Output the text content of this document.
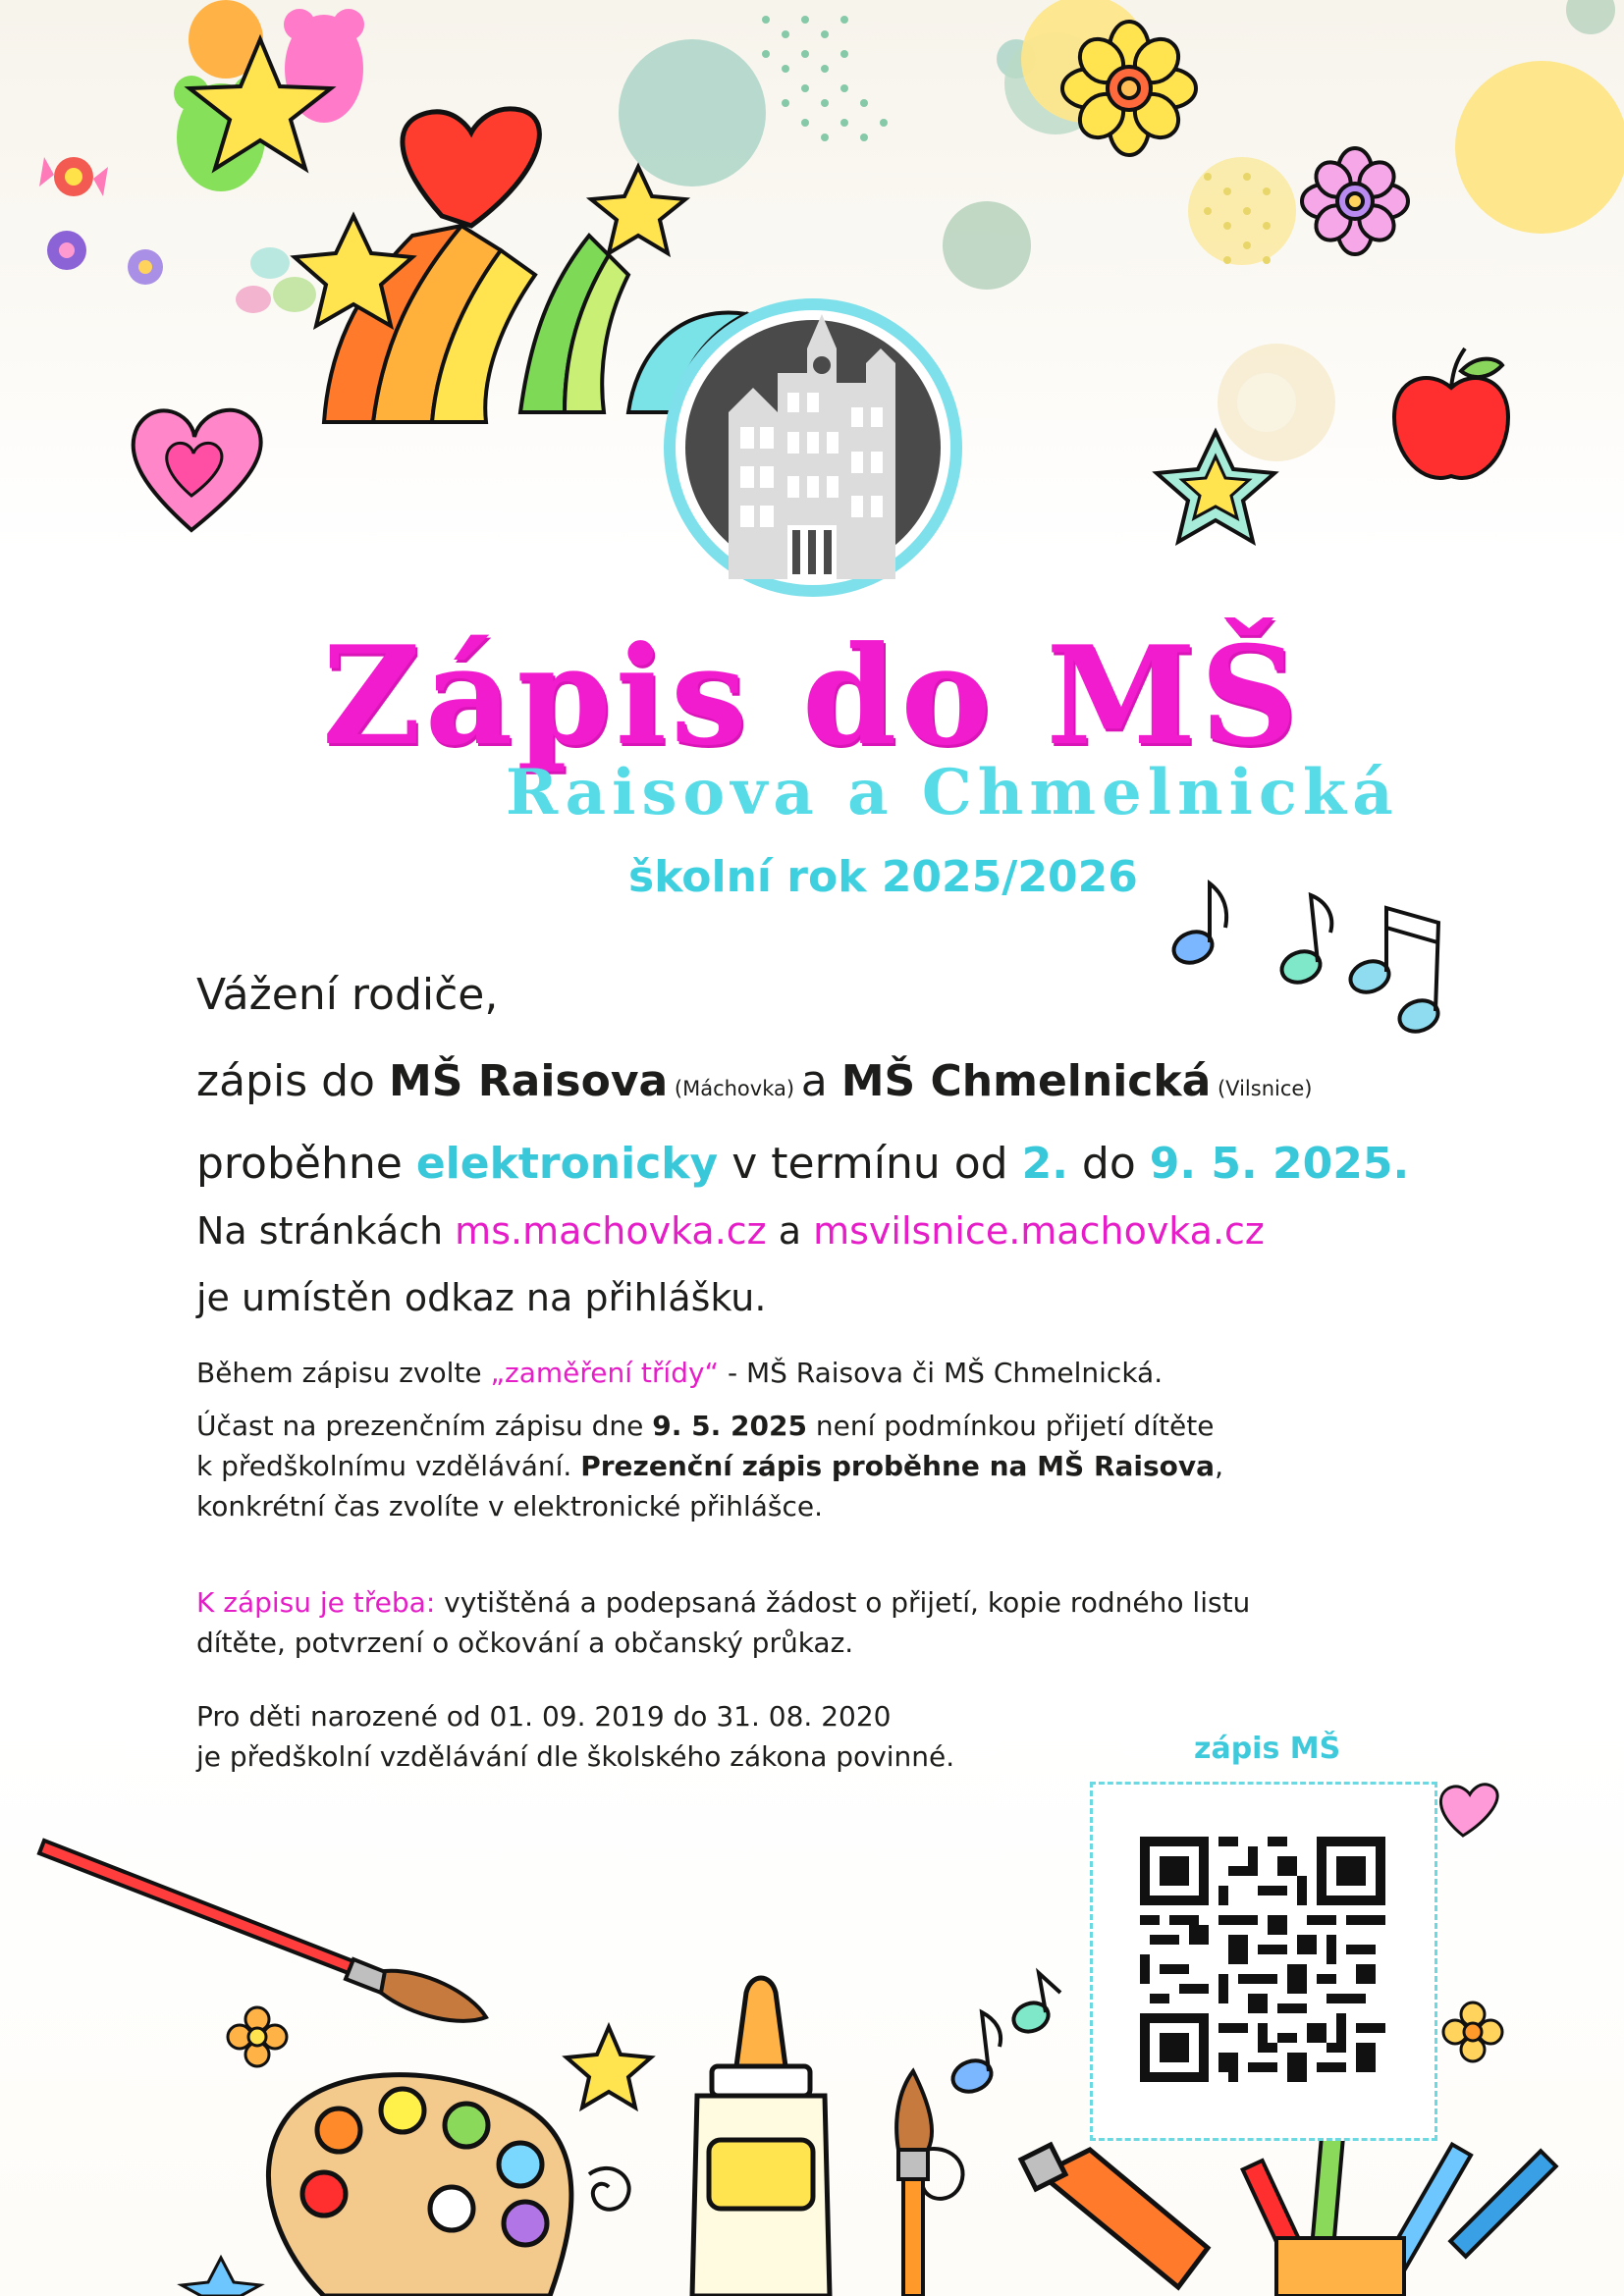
Zápis do MŠ
Raisova a Chmelnická
školní rok 2025/2026
Vážení rodiče,
zápis do MŠ Raisova (Máchovka) a MŠ Chmelnická (Vilsnice)
proběhne elektronicky v termínu od 2. do 9. 5. 2025.
Na stránkách ms.machovka.cz a msvilsnice.machovka.cz
je umístěn odkaz na přihlášku.
Během zápisu zvolte „zaměření třídy“ - MŠ Raisova či MŠ Chmelnická.
Účast na prezenčním zápisu dne 9. 5. 2025 není podmínkou přijetí dítěte
k předškolnímu vzdělávání. Prezenční zápis proběhne na MŠ Raisova,
konkrétní čas zvolíte v elektronické přihlášce.
K zápisu je třeba: vytištěná a podepsaná žádost o přijetí, kopie rodného listu
dítěte, potvrzení o očkování a občanský průkaz.
Pro děti narozené od 01. 09. 2019 do 31. 08. 2020
je předškolní vzdělávání dle školského zákona povinné.	zápis MŠ
